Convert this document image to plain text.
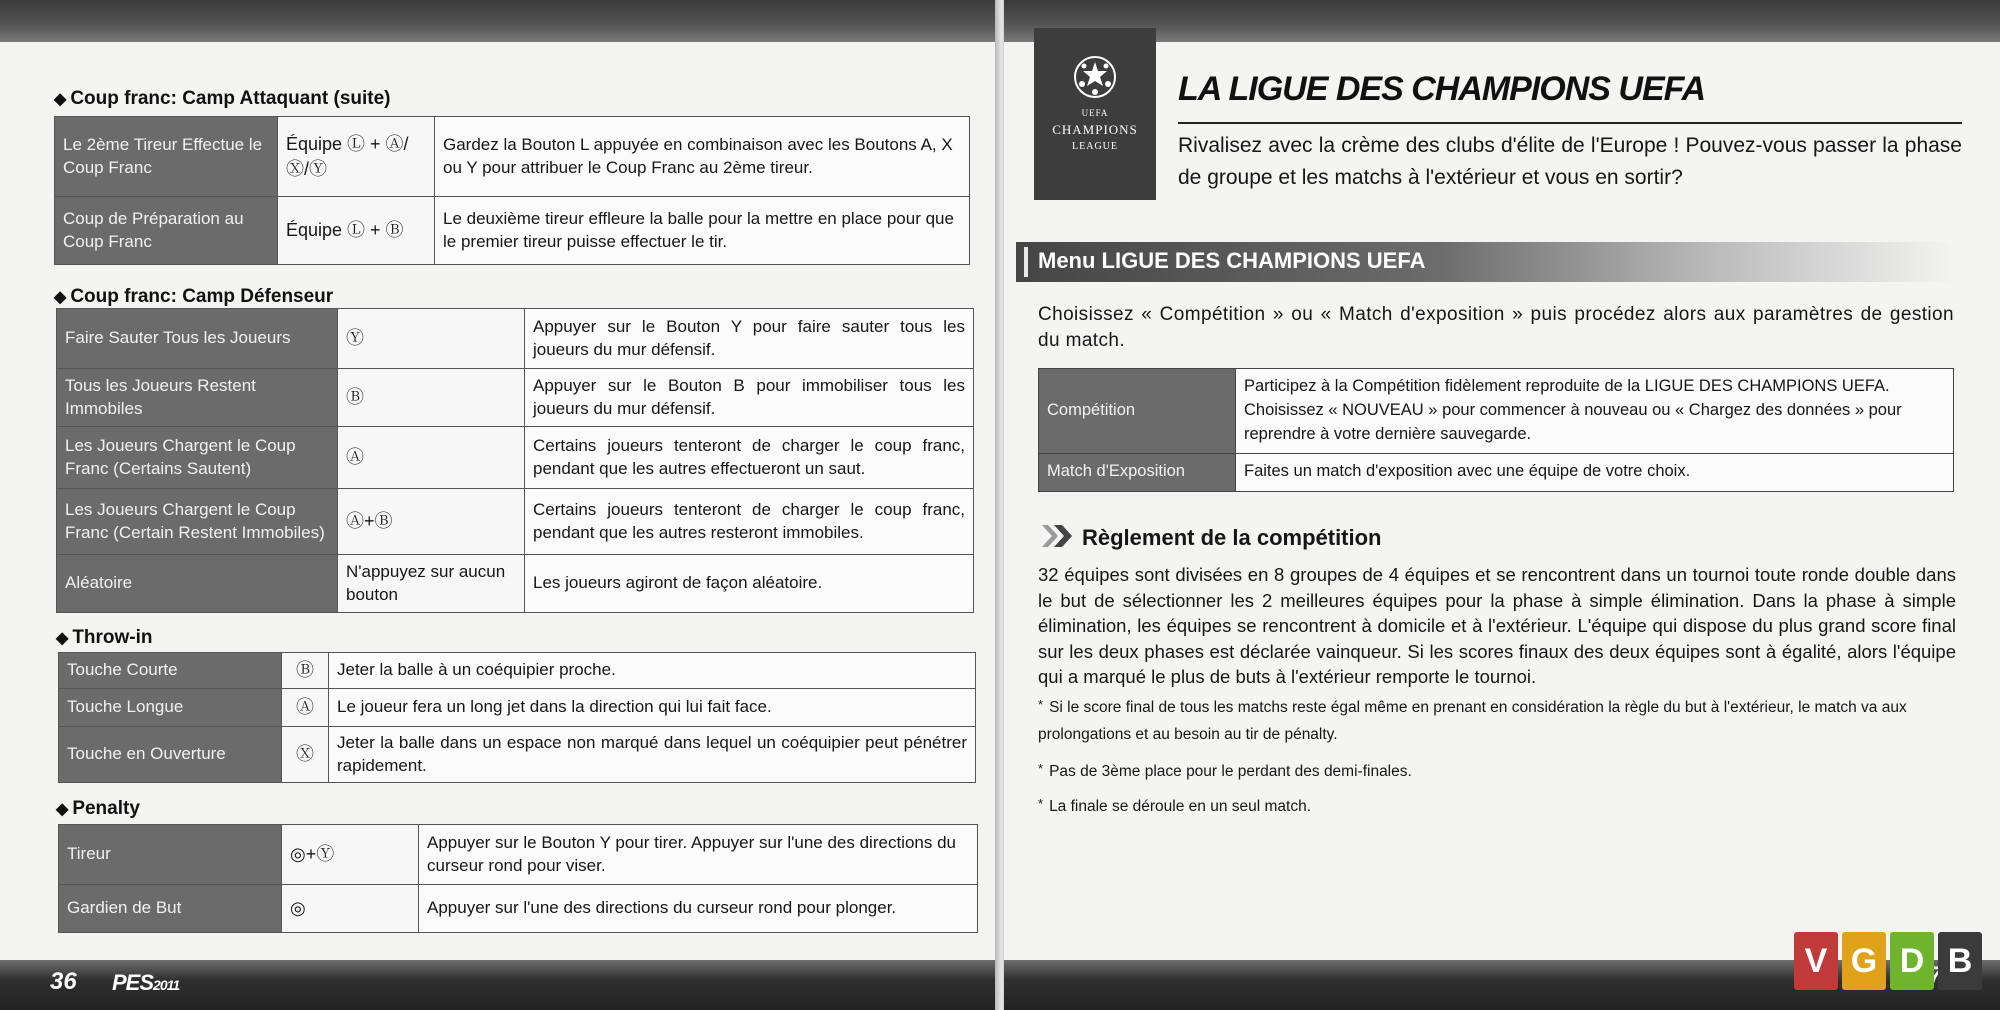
◆ Coup franc: Camp Attaquant (suite)
Le 2ème Tireur Effectue le Coup Franc	Équipe Ⓛ + Ⓐ/Ⓧ/Ⓨ	Gardez la Bouton L appuyée en combinaison avec les Boutons A, X ou Y pour attribuer le Coup Franc au 2ème tireur.
Coup de Préparation au Coup Franc	Équipe Ⓛ + Ⓑ	Le deuxième tireur effleure la balle pour la mettre en place pour que le premier tireur puisse effectuer le tir.
◆ Coup franc: Camp Défenseur
Faire Sauter Tous les Joueurs	Ⓨ	Appuyer sur le Bouton Y pour faire sauter tous les joueurs du mur défensif.
Tous les Joueurs Restent Immobiles	Ⓑ	Appuyer sur le Bouton B pour immobiliser tous les joueurs du mur défensif.
Les Joueurs Chargent le Coup Franc (Certains Sautent)	Ⓐ	Certains joueurs tenteront de charger le coup franc, pendant que les autres effectueront un saut.
Les Joueurs Chargent le Coup Franc (Certain Restent Immobiles)	Ⓐ+Ⓑ	Certains joueurs tenteront de charger le coup franc, pendant que les autres resteront immobiles.
Aléatoire	N'appuyez sur aucun bouton	Les joueurs agiront de façon aléatoire.
◆ Throw-in
Touche Courte	Ⓑ	Jeter la balle à un coéquipier proche.
Touche Longue	Ⓐ	Le joueur fera un long jet dans la direction qui lui fait face.
Touche en Ouverture	Ⓧ	Jeter la balle dans un espace non marqué dans lequel un coéquipier peut pénétrer rapidement.
◆ Penalty
Tireur	◎+Ⓨ	Appuyer sur le Bouton Y pour tirer. Appuyer sur l'une des directions du curseur rond pour viser.
Gardien de But	◎	Appuyer sur l'une des directions du curseur rond pour plonger.
36 PES2011
UEFA
CHAMPIONS
LEAGUE
LA LIGUE DES CHAMPIONS UEFA
Rivalisez avec la crème des clubs d'élite de l'Europe ! Pouvez-vous passer la phase de groupe et les matchs à l'extérieur et vous en sortir?
Menu LIGUE DES CHAMPIONS UEFA
Choisissez « Compétition » ou « Match d'exposition » puis procédez alors aux paramètres de gestion du match.
Compétition	Participez à la Compétition fidèlement reproduite de la LIGUE DES CHAMPIONS UEFA. Choisissez « NOUVEAU » pour commencer à nouveau ou « Chargez des données » pour reprendre à votre dernière sauvegarde.
Match d'Exposition	Faites un match d'exposition avec une équipe de votre choix.
Règlement de la compétition
32 équipes sont divisées en 8 groupes de 4 équipes et se rencontrent dans un tournoi toute ronde double dans le but de sélectionner les 2 meilleures équipes pour la phase à simple élimination. Dans la phase à simple élimination, les équipes se rencontrent à domicile et à l'extérieur. L'équipe qui dispose du plus grand score final sur les deux phases est déclarée vainqueur. Si les scores finaux des deux équipes sont à égalité, alors l'équipe qui a marqué le plus de buts à l'extérieur remporte le tournoi.
* Si le score final de tous les matchs reste égal même en prenant en considération la règle du but à l'extérieur, le match va aux prolongations et au besoin au tir de pénalty.
* Pas de 3ème place pour le perdant des demi-finales.
* La finale se déroule en un seul match.
V G D B
